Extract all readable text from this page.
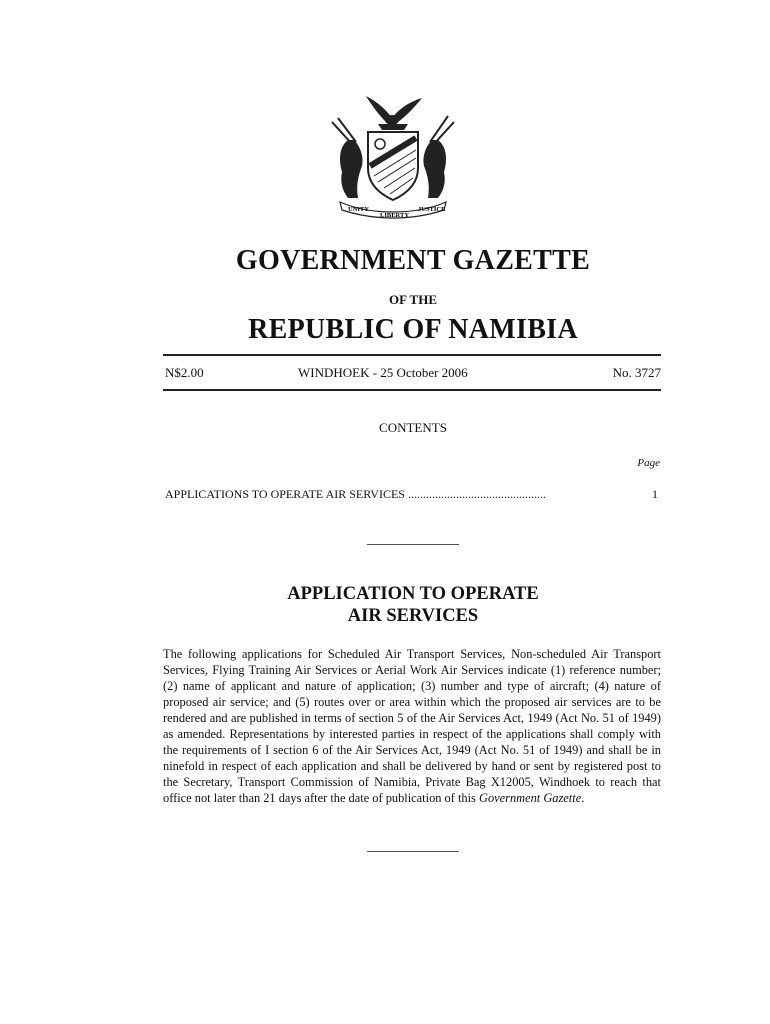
UNITY
LIBERTY
JUSTICE
GOVERNMENT GAZETTE
OF THE
REPUBLIC OF NAMIBIA
N$2.00	WINDHOEK - 25 October 2006	No. 3727
CONTENTS
Page
APPLICATIONS TO OPERATE AIR SERVICES ..............................................	1
APPLICATION TO OPERATE
AIR SERVICES

The following applications for Scheduled Air Transport Services, Non-scheduled Air Transport Services, Flying Training Air Services or Aerial Work Air Services indicate (1) reference number; (2) name of applicant and nature of application; (3) number and type of aircraft; (4) nature of proposed air service; and (5) routes over or area within which the proposed air services are to be rendered and are published in terms of section 5 of the Air Services Act, 1949 (Act No. 51 of 1949) as amended. Representations by interested parties in respect of the applications shall comply with the requirements of I section 6 of the Air Services Act, 1949 (Act No. 51 of 1949) and shall be in ninefold in respect of each application and shall be delivered by hand or sent by registered post to the Secretary, Transport Commission of Namibia, Private Bag X12005, Windhoek to reach that office not later than 21 days after the date of publication of this Government Gazette.
